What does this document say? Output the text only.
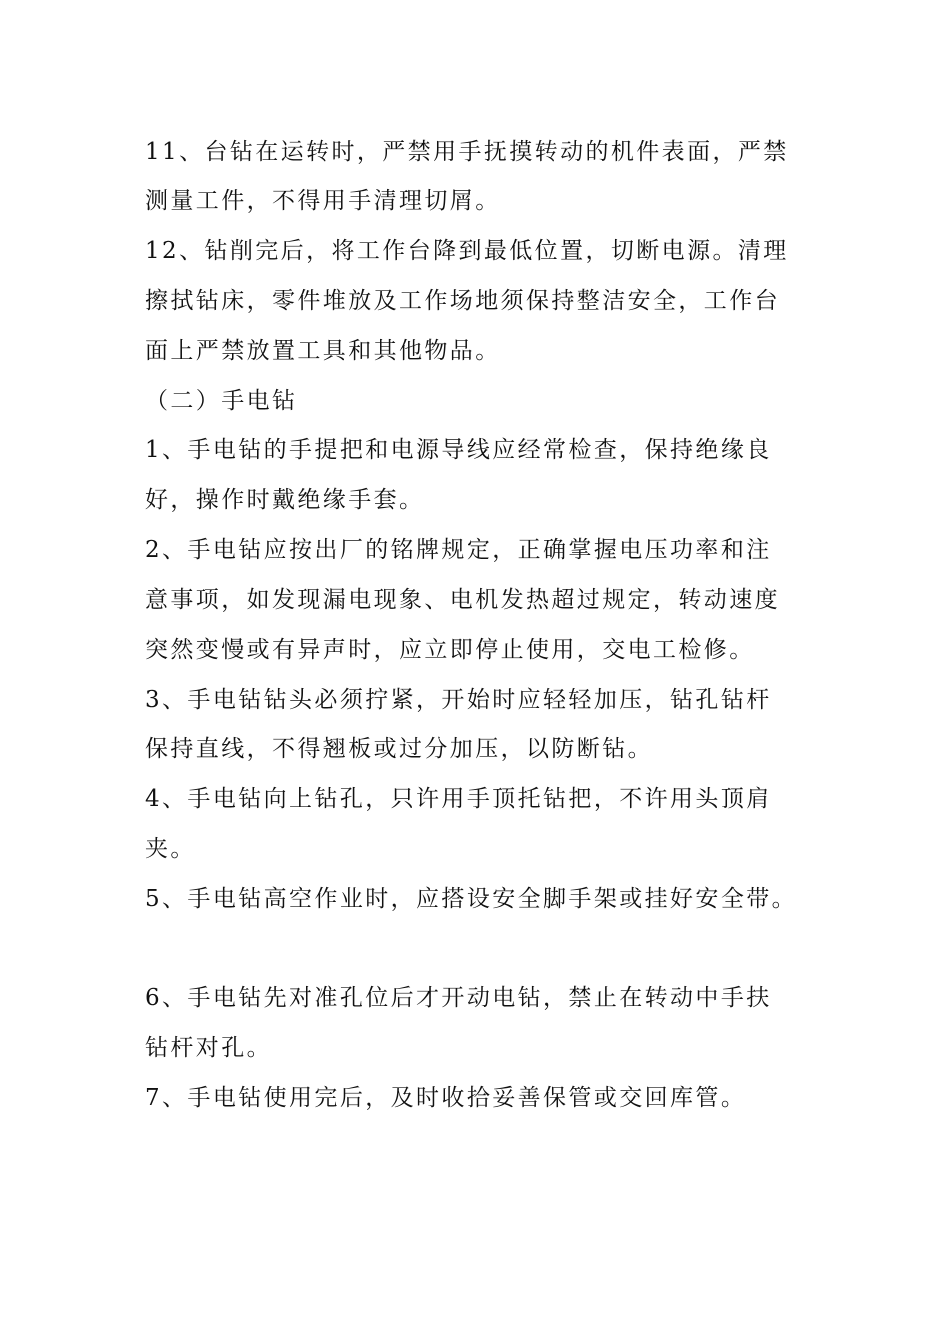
11、台钻在运转时，严禁用手抚摸转动的机件表面，严禁
测量工件，不得用手清理切屑。
12、钻削完后，将工作台降到最低位置，切断电源。清理
擦拭钻床，零件堆放及工作场地须保持整洁安全，工作台
面上严禁放置工具和其他物品。
（二）手电钻
1、手电钻的手提把和电源导线应经常检查，保持绝缘良
好，操作时戴绝缘手套。
2、手电钻应按出厂的铭牌规定，正确掌握电压功率和注
意事项，如发现漏电现象、电机发热超过规定，转动速度
突然变慢或有异声时，应立即停止使用，交电工检修。
3、手电钻钻头必须拧紧，开始时应轻轻加压，钻孔钻杆
保持直线，不得翘板或过分加压，以防断钻。
4、手电钻向上钻孔，只许用手顶托钻把，不许用头顶肩
夹。
5、手电钻高空作业时，应搭设安全脚手架或挂好安全带。
6、手电钻先对准孔位后才开动电钻，禁止在转动中手扶
钻杆对孔。
7、手电钻使用完后，及时收拾妥善保管或交回库管。
